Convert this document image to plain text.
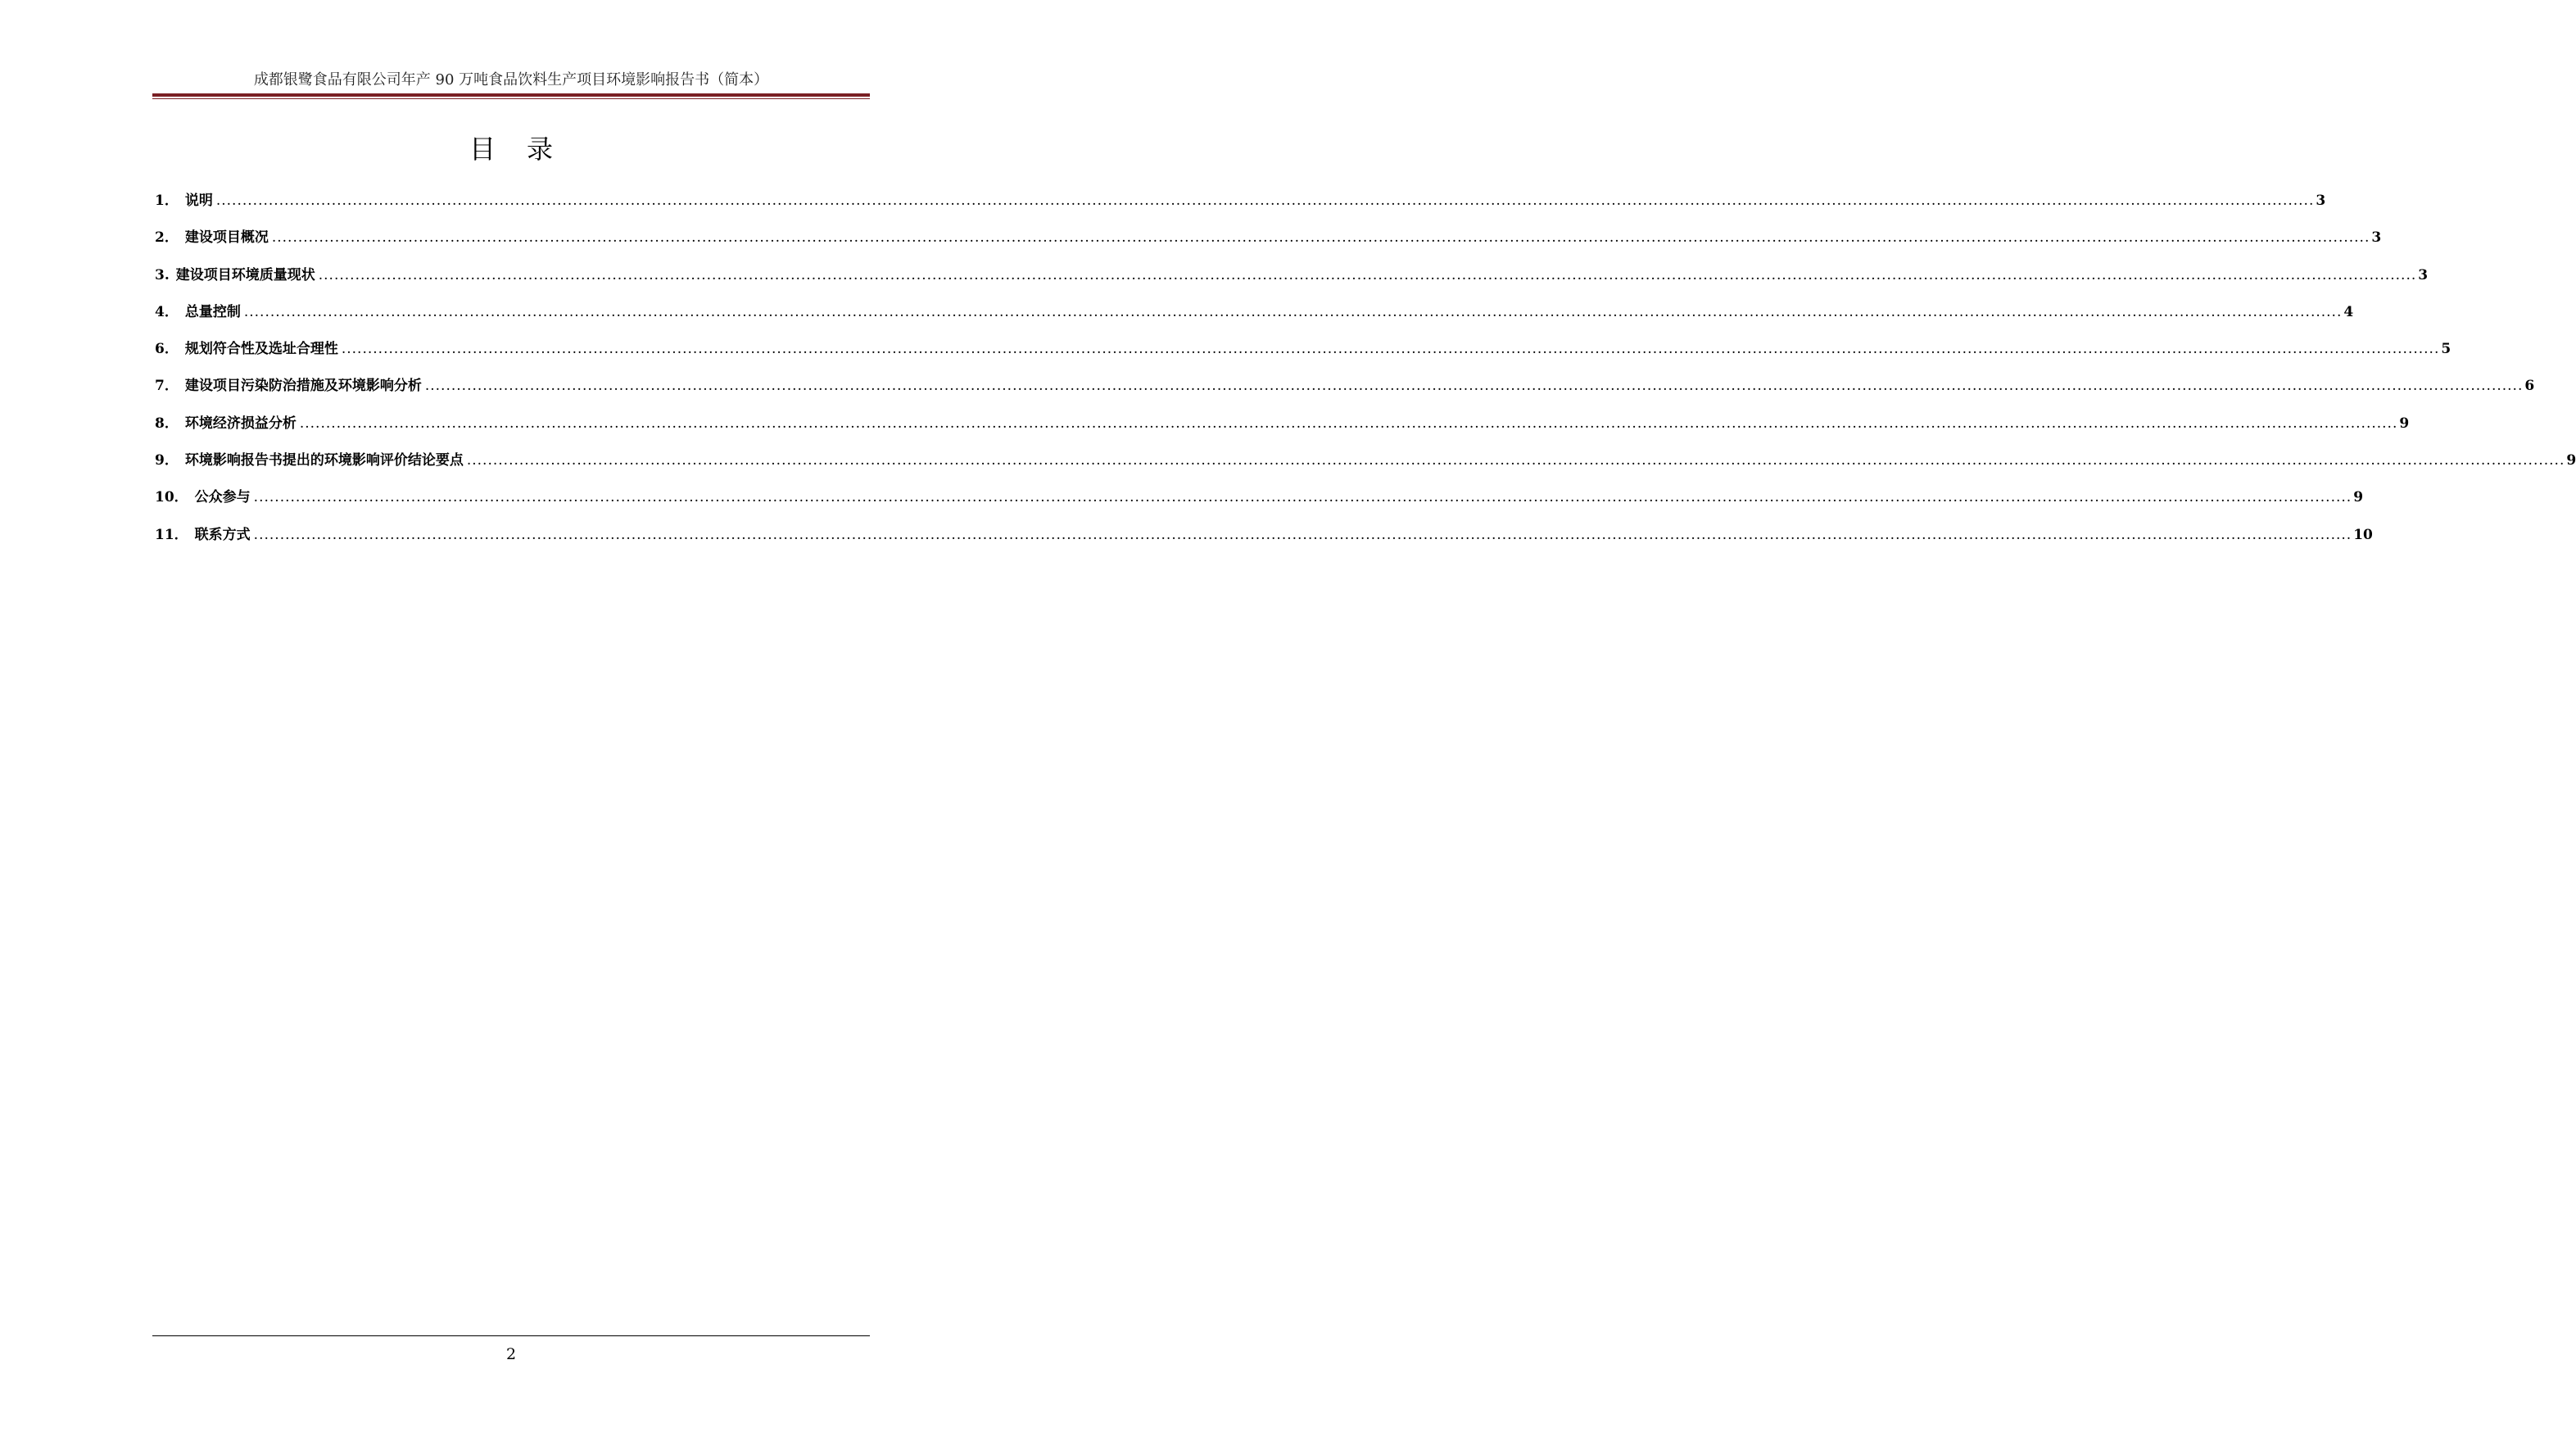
成都银鹭食品有限公司年产 90 万吨食品饮料生产项目环境影响报告书（简本）
目录
1． 说明 ................................................................................................................................................................................................................................................................................................................................................................................................................ 3
2． 建设项目概况 ................................................................................................................................................................................................................................................................................................................................................................................................................ 3
3. 建设项目环境质量现状 ................................................................................................................................................................................................................................................................................................................................................................................................................ 3
4． 总量控制 ................................................................................................................................................................................................................................................................................................................................................................................................................ 4
6． 规划符合性及选址合理性 ................................................................................................................................................................................................................................................................................................................................................................................................................ 5
7． 建设项目污染防治措施及环境影响分析 ................................................................................................................................................................................................................................................................................................................................................................................................................ 6
8． 环境经济损益分析 ................................................................................................................................................................................................................................................................................................................................................................................................................ 9
9． 环境影响报告书提出的环境影响评价结论要点 ................................................................................................................................................................................................................................................................................................................................................................................................................ 9
10． 公众参与 ................................................................................................................................................................................................................................................................................................................................................................................................................ 9
11． 联系方式 ................................................................................................................................................................................................................................................................................................................................................................................................................ 10
2
